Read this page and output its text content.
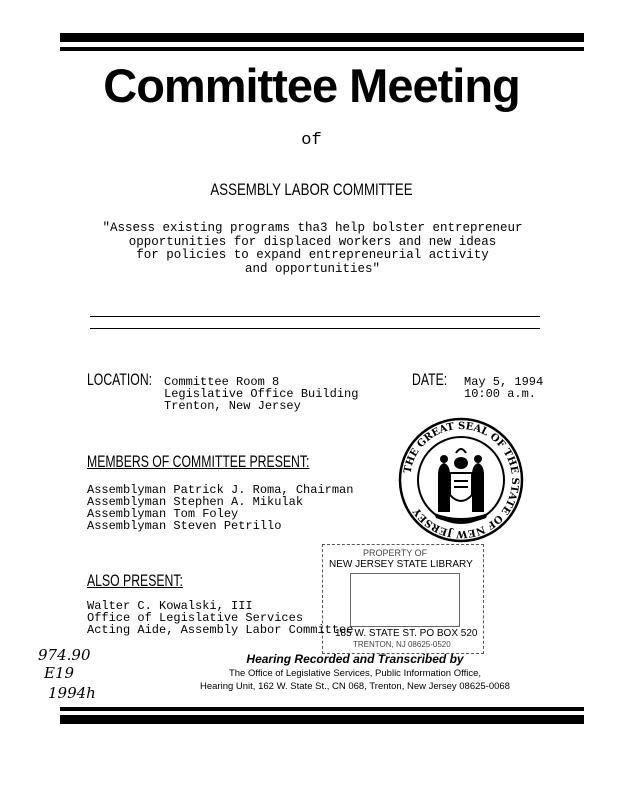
Committee Meeting
of
ASSEMBLY LABOR COMMITTEE
"Assess existing programs tha3 help bolster entrepreneur
opportunities for displaced workers and new ideas
for policies to expand entrepreneurial activity
and opportunities"
LOCATION: Committee Room 8
Legislative Office Building
Trenton, New Jersey
DATE: May 5, 1994
10:00 a.m.
MEMBERS OF COMMITTEE PRESENT:
Assemblyman Patrick J. Roma, Chairman
Assemblyman Stephen A. Mikulak
Assemblyman Tom Foley
Assemblyman Steven Petrillo
THE GREAT SEAL OF THE STATE OF NEW JERSEY
PROPERTY OF
NEW JERSEY STATE LIBRARY
185 W. STATE ST. PO BOX 520
TRENTON, NJ 08625-0520
ALSO PRESENT:
Walter C. Kowalski, III
Office of Legislative Services
Acting Aide, Assembly Labor Committee
974.90
E19
1994h
Hearing Recorded and Transcribed by
The Office of Legislative Services, Public Information Office,
Hearing Unit, 162 W. State St., CN 068, Trenton, New Jersey 08625-0068
